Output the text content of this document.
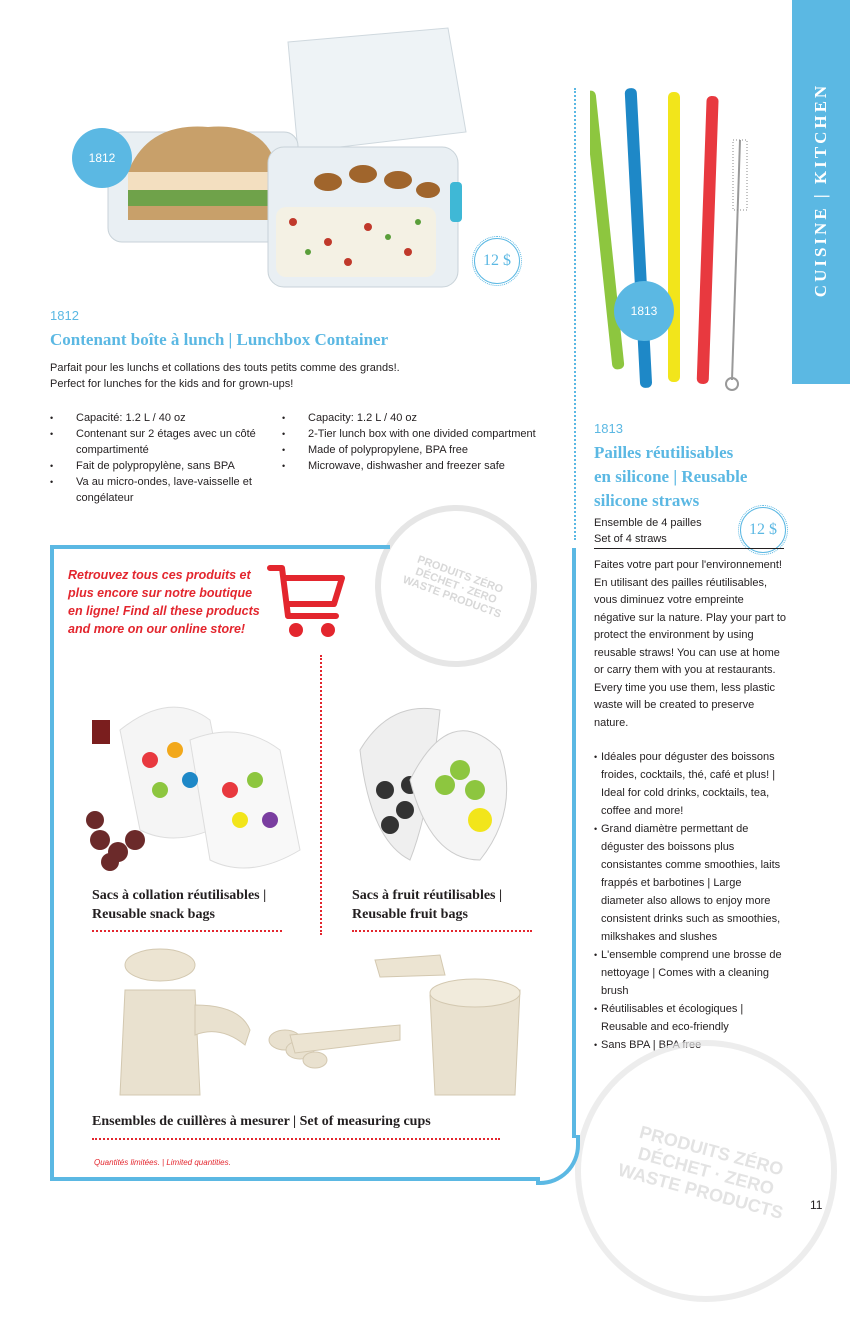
CUISINE | KITCHEN
1812
12 $
1812
Contenant boîte à lunch | Lunchbox Container
Parfait pour les lunchs et collations des touts petits comme des grands!.
Perfect for lunches for the kids and for grown-ups!
• Capacité: 1.2 L / 40 oz
• Contenant sur 2 étages avec un côté compartimenté
• Fait de polypropylène, sans BPA
• Va au micro-ondes, lave-vaisselle et congélateur
• Capacity: 1.2 L / 40 oz
• 2-Tier lunch box with one divided compartment
• Made of polypropylene, BPA free
• Microwave, dishwasher and freezer safe
1813
1813
Pailles réutilisables
en silicone | Reusable
silicone straws
Ensemble de 4 pailles
Set of 4 straws
12 $
Faites votre part pour l'environnement! En utilisant des pailles réutilisables, vous diminuez votre empreinte négative sur la nature. Play your part to protect the environment by using reusable straws! You can use at home or carry them with you at restaurants. Every time you use them, less plastic waste will be created to preserve nature.
• Idéales pour déguster des boissons froides, cocktails, thé, café et plus! | Ideal for cold drinks, cocktails, tea, coffee and more!
• Grand diamètre permettant de déguster des boissons plus consistantes comme smoothies, laits frappés et barbotines | Large diameter also allows to enjoy more consistent drinks such as smoothies, milkshakes and slushes
• L'ensemble comprend une brosse de nettoyage | Comes with a cleaning brush
• Réutilisables et écologiques | Reusable and eco-friendly
• Sans BPA | BPA free
PRODUITS ZÉRO DÉCHET · ZERO WASTE PRODUCTS
PRODUITS ZÉRO DÉCHET · ZERO WASTE PRODUCTS
Retrouvez tous ces produits et plus encore sur notre boutique en ligne! Find all these products and more on our online store!
Sacs à collation réutilisables | Reusable snack bags
Sacs à fruit réutilisables | Reusable fruit bags
Ensembles de cuillères à mesurer | Set of measuring cups
Quantités limitées. | Limited quantities.
11
